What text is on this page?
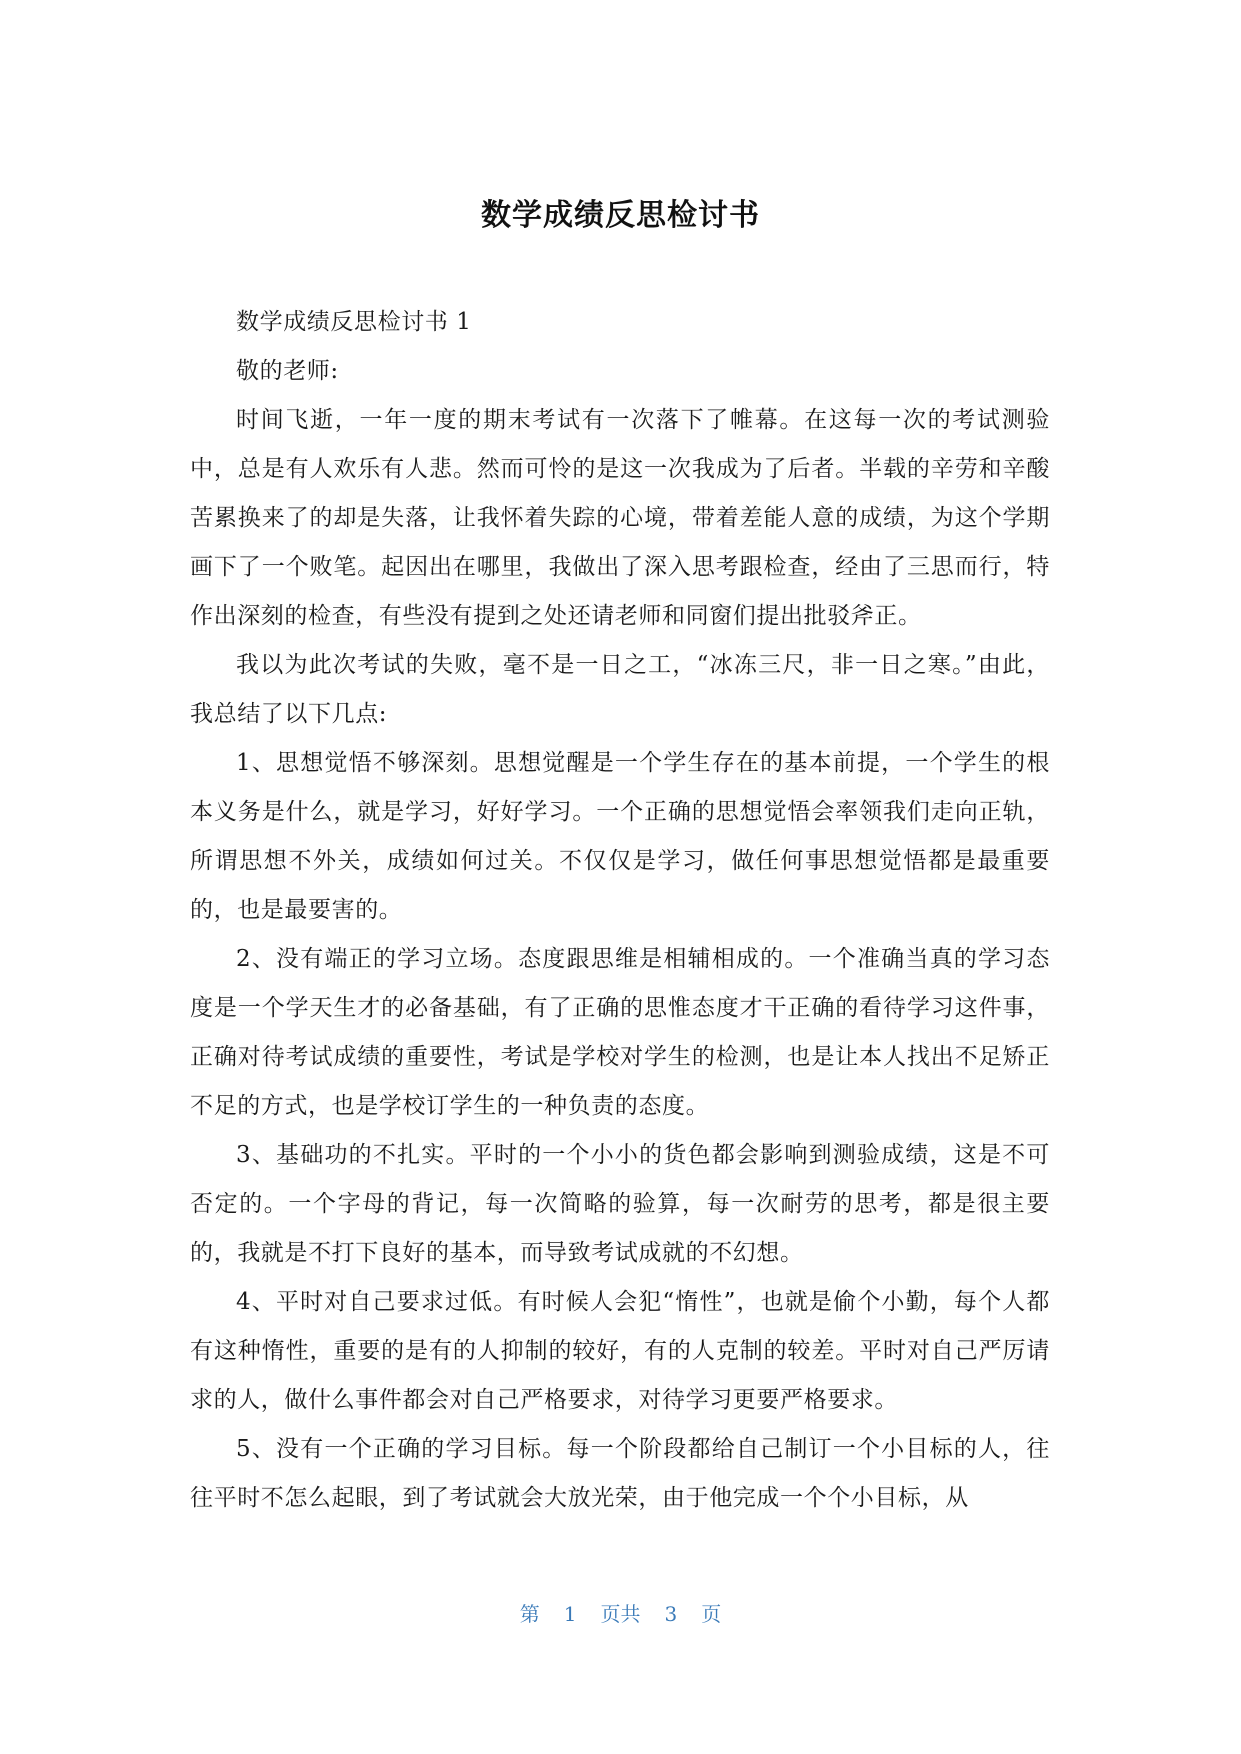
数学成绩反思检讨书

数学成绩反思检讨书 1

敬的老师:

时间飞逝，一年一度的期末考试有一次落下了帷幕。在这每一次的考试测验中，总是有人欢乐有人悲。然而可怜的是这一次我成为了后者。半载的辛劳和辛酸苦累换来了的却是失落，让我怀着失踪的心境，带着差能人意的成绩，为这个学期画下了一个败笔。起因出在哪里，我做出了深入思考跟检查，经由了三思而行，特作出深刻的检查，有些没有提到之处还请老师和同窗们提出批驳斧正。

我以为此次考试的失败，毫不是一日之工，“冰冻三尺，非一日之寒。”由此，我总结了以下几点:

1、思想觉悟不够深刻。思想觉醒是一个学生存在的基本前提，一个学生的根本义务是什么，就是学习，好好学习。一个正确的思想觉悟会率领我们走向正轨，所谓思想不外关，成绩如何过关。不仅仅是学习，做任何事思想觉悟都是最重要的，也是最要害的。

2、没有端正的学习立场。态度跟思维是相辅相成的。一个准确当真的学习态度是一个学天生才的必备基础，有了正确的思惟态度才干正确的看待学习这件事，正确对待考试成绩的重要性，考试是学校对学生的检测，也是让本人找出不足矫正不足的方式，也是学校订学生的一种负责的态度。

3、基础功的不扎实。平时的一个小小的货色都会影响到测验成绩，这是不可否定的。一个字母的背记，每一次简略的验算，每一次耐劳的思考，都是很主要的，我就是不打下良好的基本，而导致考试成就的不幻想。

4、平时对自己要求过低。有时候人会犯“惰性”，也就是偷个小勤，每个人都有这种惰性，重要的是有的人抑制的较好，有的人克制的较差。平时对自己严厉请求的人，做什么事件都会对自己严格要求，对待学习更要严格要求。

5、没有一个正确的学习目标。每一个阶段都给自己制订一个小目标的人，往往平时不怎么起眼，到了考试就会大放光荣，由于他完成一个个小目标，从

第 1 页共 3 页
